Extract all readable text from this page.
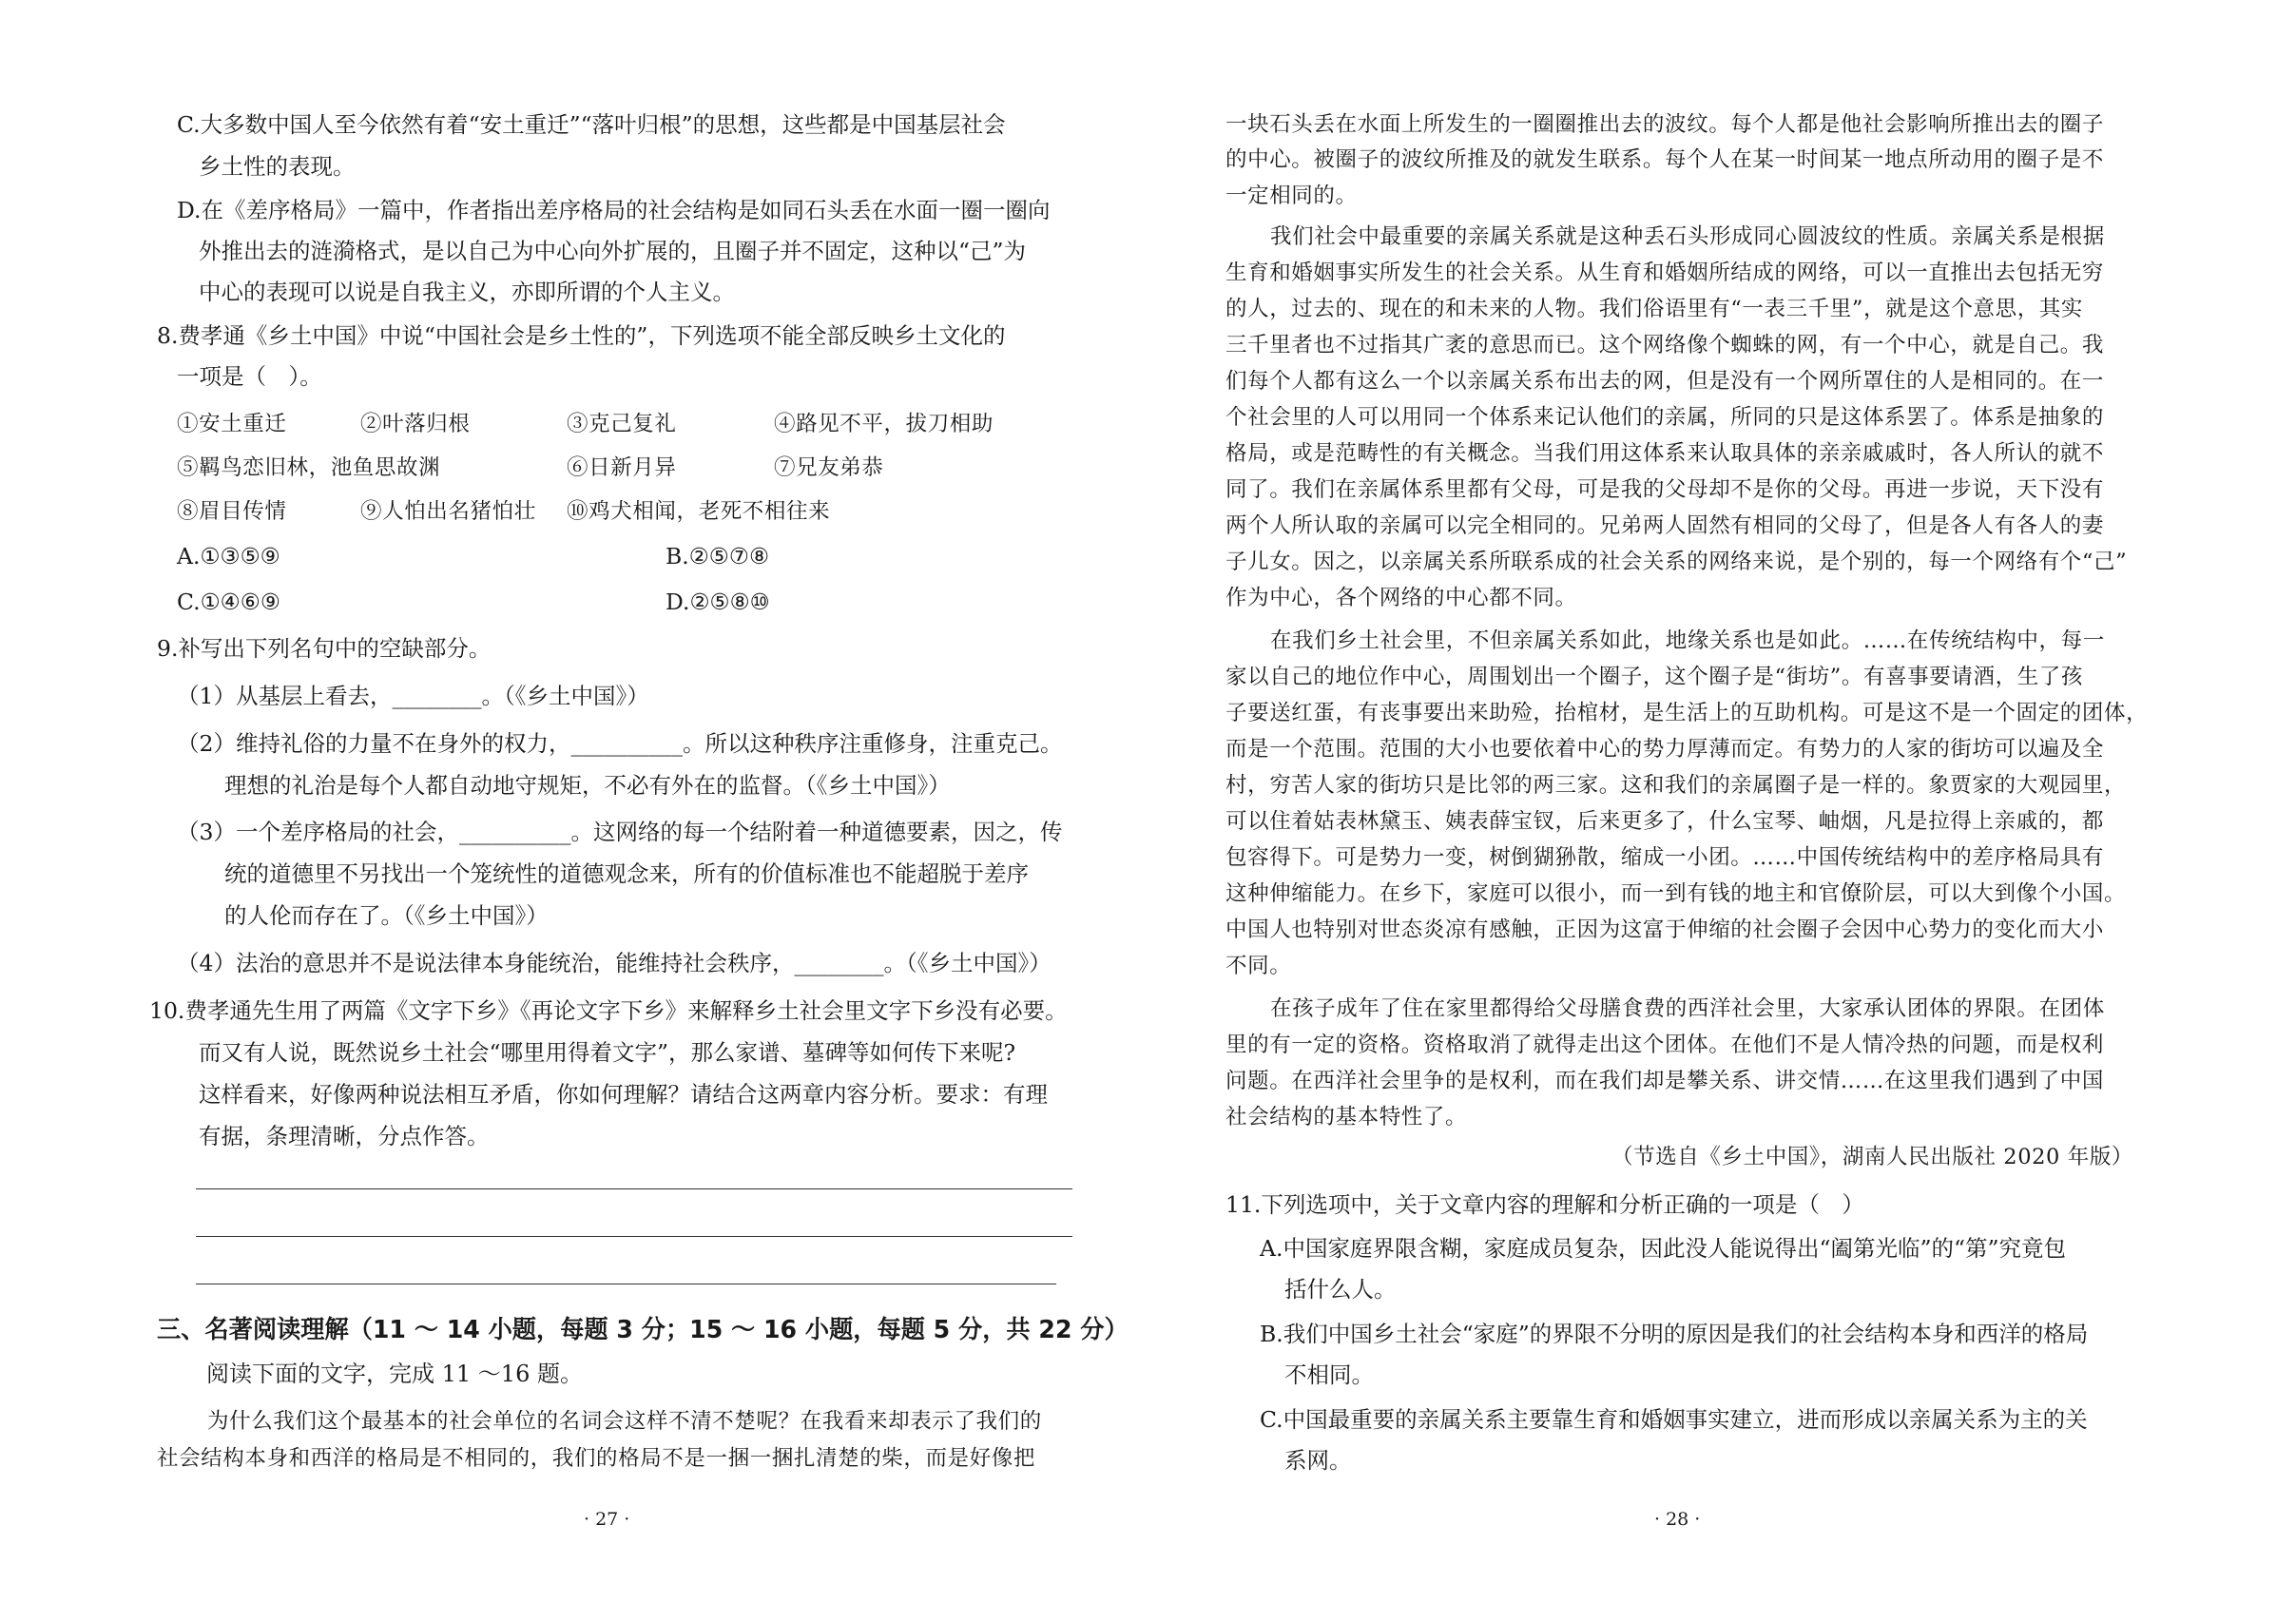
C.大多数中国人至今依然有着“安土重迁”“落叶归根”的思想，这些都是中国基层社会
乡土性的表现。
D.在《差序格局》一篇中，作者指出差序格局的社会结构是如同石头丢在水面一圈一圈向
外推出去的涟漪格式，是以自己为中心向外扩展的，且圈子并不固定，这种以“己”为
中心的表现可以说是自我主义，亦即所谓的个人主义。
8.费孝通《乡土中国》中说“中国社会是乡土性的”，下列选项不能全部反映乡土文化的
一项是（　）。
①安土重迁	②叶落归根	③克己复礼	④路见不平，拔刀相助
⑤羁鸟恋旧林，池鱼思故渊	⑥日新月异	⑦兄友弟恭
⑧眉目传情	⑨人怕出名猪怕壮 ⑩鸡犬相闻，老死不相往来
A.①③⑤⑨	B.②⑤⑦⑧
C.①④⑥⑨	D.②⑤⑧⑩
9.补写出下列名句中的空缺部分。
（1）从基层上看去，________。（《乡土中国》）
（2）维持礼俗的力量不在身外的权力，__________。所以这种秩序注重修身，注重克己。
理想的礼治是每个人都自动地守规矩，不必有外在的监督。（《乡土中国》）
（3）一个差序格局的社会，__________。这网络的每一个结附着一种道德要素，因之，传
统的道德里不另找出一个笼统性的道德观念来，所有的价值标准也不能超脱于差序
的人伦而存在了。（《乡土中国》）
（4）法治的意思并不是说法律本身能统治，能维持社会秩序，________。（《乡土中国》）
10.费孝通先生用了两篇《文字下乡》《再论文字下乡》来解释乡土社会里文字下乡没有必要。
而又有人说，既然说乡土社会“哪里用得着文字”，那么家谱、墓碑等如何传下来呢?
这样看来，好像两种说法相互矛盾，你如何理解？请结合这两章内容分析。要求：有理
有据，条理清晰，分点作答。
三、名著阅读理解（11 ～ 14 小题，每题 3 分；15 ～ 16 小题，每题 5 分，共 22 分）
阅读下面的文字，完成 11 ～16 题。
为什么我们这个最基本的社会单位的名词会这样不清不楚呢？在我看来却表示了我们的
社会结构本身和西洋的格局是不相同的，我们的格局不是一捆一捆扎清楚的柴，而是好像把
· 27 ·
一块石头丢在水面上所发生的一圈圈推出去的波纹。每个人都是他社会影响所推出去的圈子
的中心。被圈子的波纹所推及的就发生联系。每个人在某一时间某一地点所动用的圈子是不
一定相同的。
我们社会中最重要的亲属关系就是这种丢石头形成同心圆波纹的性质。亲属关系是根据
生育和婚姻事实所发生的社会关系。从生育和婚姻所结成的网络，可以一直推出去包括无穷
的人，过去的、现在的和未来的人物。我们俗语里有“一表三千里”，就是这个意思，其实
三千里者也不过指其广袤的意思而已。这个网络像个蜘蛛的网，有一个中心，就是自己。我
们每个人都有这么一个以亲属关系布出去的网，但是没有一个网所罩住的人是相同的。在一
个社会里的人可以用同一个体系来记认他们的亲属，所同的只是这体系罢了。体系是抽象的
格局，或是范畴性的有关概念。当我们用这体系来认取具体的亲亲戚戚时，各人所认的就不
同了。我们在亲属体系里都有父母，可是我的父母却不是你的父母。再进一步说，天下没有
两个人所认取的亲属可以完全相同的。兄弟两人固然有相同的父母了，但是各人有各人的妻
子儿女。因之，以亲属关系所联系成的社会关系的网络来说，是个别的，每一个网络有个“己”
作为中心，各个网络的中心都不同。
在我们乡土社会里，不但亲属关系如此，地缘关系也是如此。……在传统结构中，每一
家以自己的地位作中心，周围划出一个圈子，这个圈子是“街坊”。有喜事要请酒，生了孩
子要送红蛋，有丧事要出来助殓，抬棺材，是生活上的互助机构。可是这不是一个固定的团体，
而是一个范围。范围的大小也要依着中心的势力厚薄而定。有势力的人家的街坊可以遍及全
村，穷苦人家的街坊只是比邻的两三家。这和我们的亲属圈子是一样的。象贾家的大观园里，
可以住着姑表林黛玉、姨表薛宝钗，后来更多了，什么宝琴、岫烟，凡是拉得上亲戚的，都
包容得下。可是势力一变，树倒猢狲散，缩成一小团。……中国传统结构中的差序格局具有
这种伸缩能力。在乡下，家庭可以很小，而一到有钱的地主和官僚阶层，可以大到像个小国。
中国人也特别对世态炎凉有感触，正因为这富于伸缩的社会圈子会因中心势力的变化而大小
不同。
在孩子成年了住在家里都得给父母膳食费的西洋社会里，大家承认团体的界限。在团体
里的有一定的资格。资格取消了就得走出这个团体。在他们不是人情冷热的问题，而是权利
问题。在西洋社会里争的是权利，而在我们却是攀关系、讲交情……在这里我们遇到了中国
社会结构的基本特性了。
（节选自《乡土中国》，湖南人民出版社 2020 年版）
11.下列选项中，关于文章内容的理解和分析正确的一项是（　）
A.中国家庭界限含糊，家庭成员复杂，因此没人能说得出“阖第光临”的“第”究竟包
括什么人。
B.我们中国乡土社会“家庭”的界限不分明的原因是我们的社会结构本身和西洋的格局
不相同。
C.中国最重要的亲属关系主要靠生育和婚姻事实建立，进而形成以亲属关系为主的关
系网。
· 28 ·
